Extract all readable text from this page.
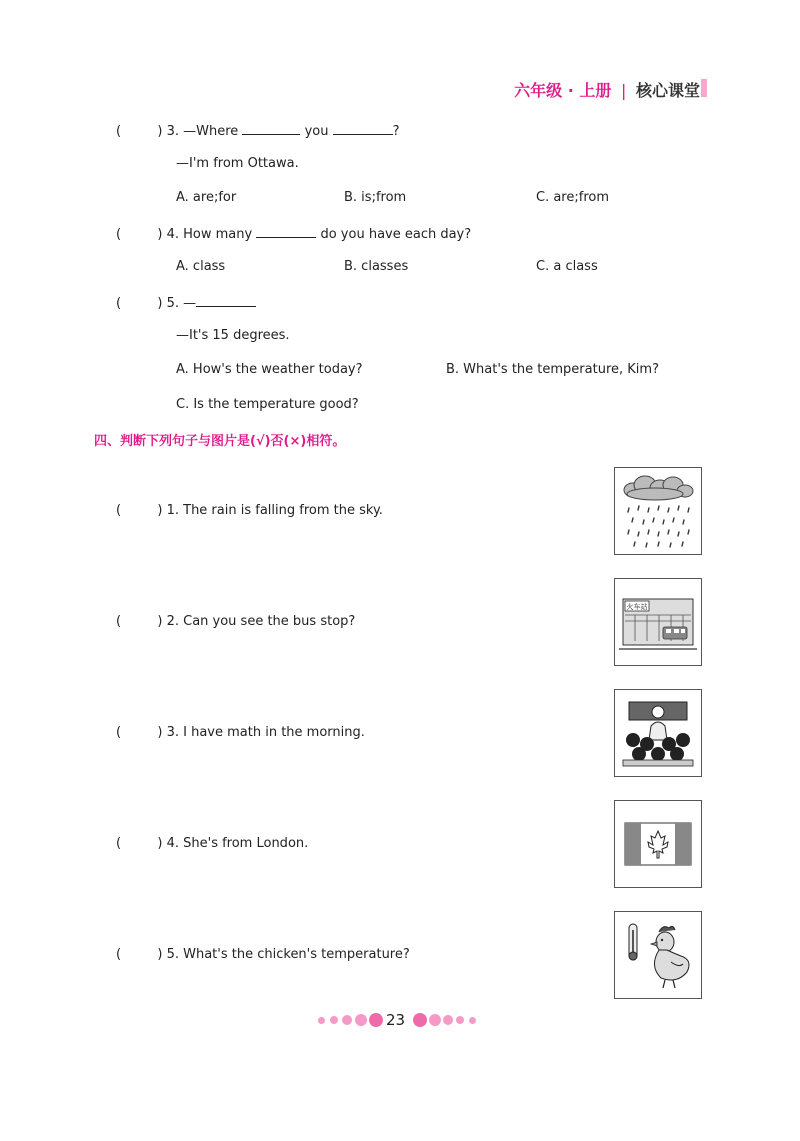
六年级 · 上册 | 核心课堂
(	) 3. —Where	you	?
—I'm from Ottawa.
A. are;for	B. is;from	C. are;from
(	) 4. How many	do you have each day?
A. class	B. classes	C. a class
(	) 5. —
—It's 15 degrees.
A. How's the weather today?	B. What's the temperature, Kim?
C. Is the temperature good?
四、判断下列句子与图片是(√)否(×)相符。
(	) 1. The rain is falling from the sky.
(	) 2. Can you see the bus stop?
(	) 3. I have math in the morning.
(	) 4. She's from London.
(	) 5. What's the chicken's temperature?
火车站
23
